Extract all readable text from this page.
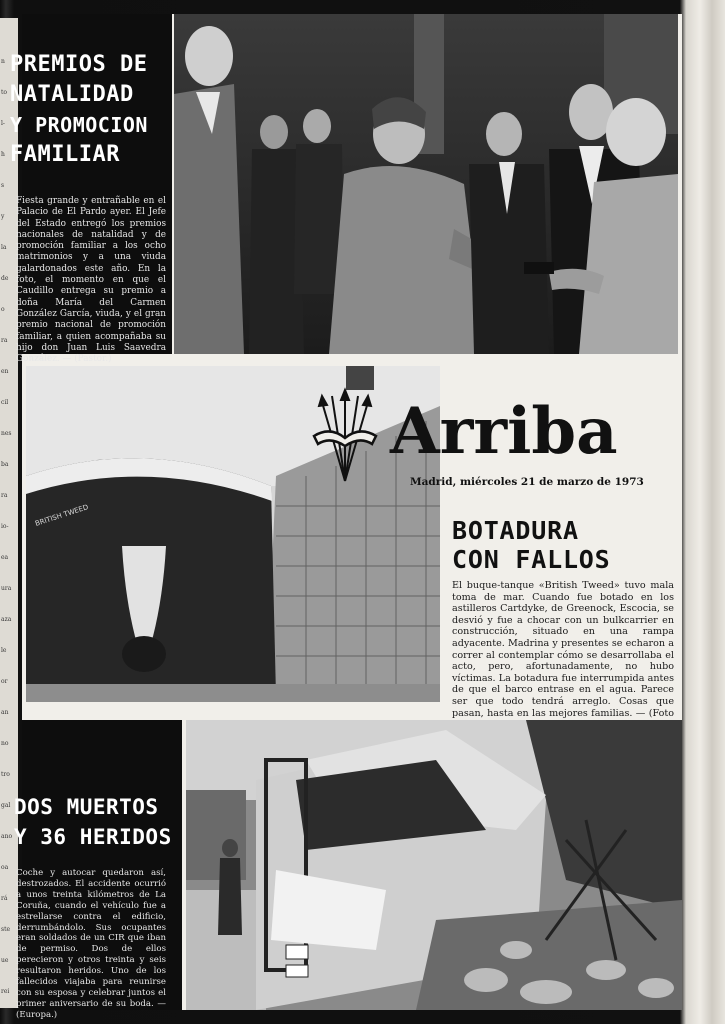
n
to
l-
h
s
y
la
de
o
ra
en
cil
nes
ba
ra
io-
ea
ura
aza
le
or
an
no
tro
gal
ano
oa
rá
ste
ue
rei

PREMIOS DE

NATALIDAD

Y PROMOCION

FAMILIAR

Fiesta grande y entrañable en el Palacio de El Pardo ayer. El Jefe del Estado entregó los premios nacionales de natalidad y de promoción familiar a los ocho matrimonios y a una viuda galardonados este año. En la foto, el momento en que el Caudillo entrega su premio a doña María del Carmen González García, viuda, y el gran premio nacional de promoción familiar, a quien acompañaba su hijo don Juan Luis Saavedra González. — (Pastor.)

BRITISH TWEED

Arriba

Madrid, miércoles 21 de marzo de 1973

BOTADURA

CON FALLOS

El buque-tanque «British Tweed» tuvo mala toma de mar. Cuando fue botado en los astilleros Cartdyke, de Greenock, Escocia, se desvió y fue a chocar con un bulkcarrier en construcción, situado en una rampa adyacente. Madrina y presentes se echaron a correr al contemplar cómo se desarrollaba el acto, pero, afortunadamente, no hubo víctimas. La botadura fue interrumpida antes de que el barco entrase en el agua. Parece ser que todo tendrá arreglo. Cosas que pasan, hasta en las mejores familias. — (Foto

DOS MUERTOS

Y 36 HERIDOS

Coche y autocar quedaron así, destrozados. El accidente ocurrió a unos treinta kilómetros de La Coruña, cuando el vehículo fue a estrellarse contra el edificio, derrumbándolo. Sus ocupantes eran soldados de un CIR que iban de permiso. Dos de ellos perecieron y otros treinta y seis resultaron heridos. Uno de los fallecidos viajaba para reunirse con su esposa y celebrar juntos el primer aniversario de su boda. — (Europa.)
